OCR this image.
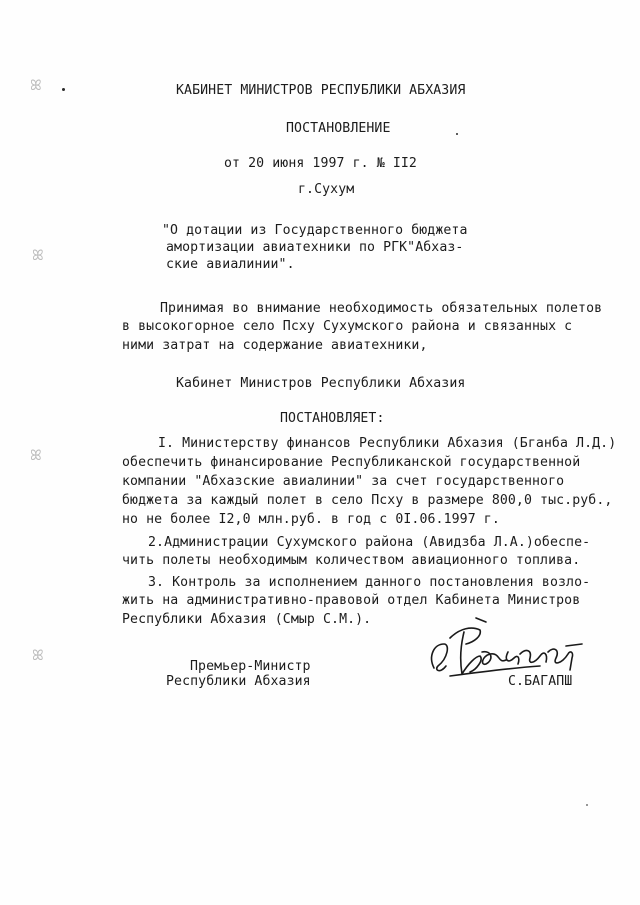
ꕤ
ꕤ
ꕤ
ꕤ
КАБИНЕТ МИНИСТРОВ РЕСПУБЛИКИ АБХАЗИЯ
ПОСТАНОВЛЕНИЕ
от 20 июня 1997 г. № II2
г.Сухум
"О дотации из Государственного бюджета
амортизации авиатехники по РГК"Абхаз-
ские авиалинии".
Принимая во внимание необходимость обязательных полетов
в высокогорное село Псху Сухумского района и связанных с
ними затрат на содержание авиатехники,
Кабинет Министров Республики Абхазия
ПОСТАНОВЛЯЕТ:
I. Министерству финансов Республики Абхазия (Бганба Л.Д.)
обеспечить финансирование Республиканской государственной
компании "Абхазские авиалинии" за счет государственного
бюджета за каждый полет в село Псху в размере 800,0 тыс.руб.,
но не более I2,0 млн.руб. в год с 0I.06.1997 г.
2.Администрации Сухумского района (Авидзба Л.А.)обеспе-
чить полеты необходимым количеством авиационного топлива.
3. Контроль за исполнением данного постановления возло-
жить на административно-правовой отдел Кабинета Министров
Республики Абхазия (Смыр С.М.).
Премьер-Министр
Республики Абхазия	С.БАГАПШ
